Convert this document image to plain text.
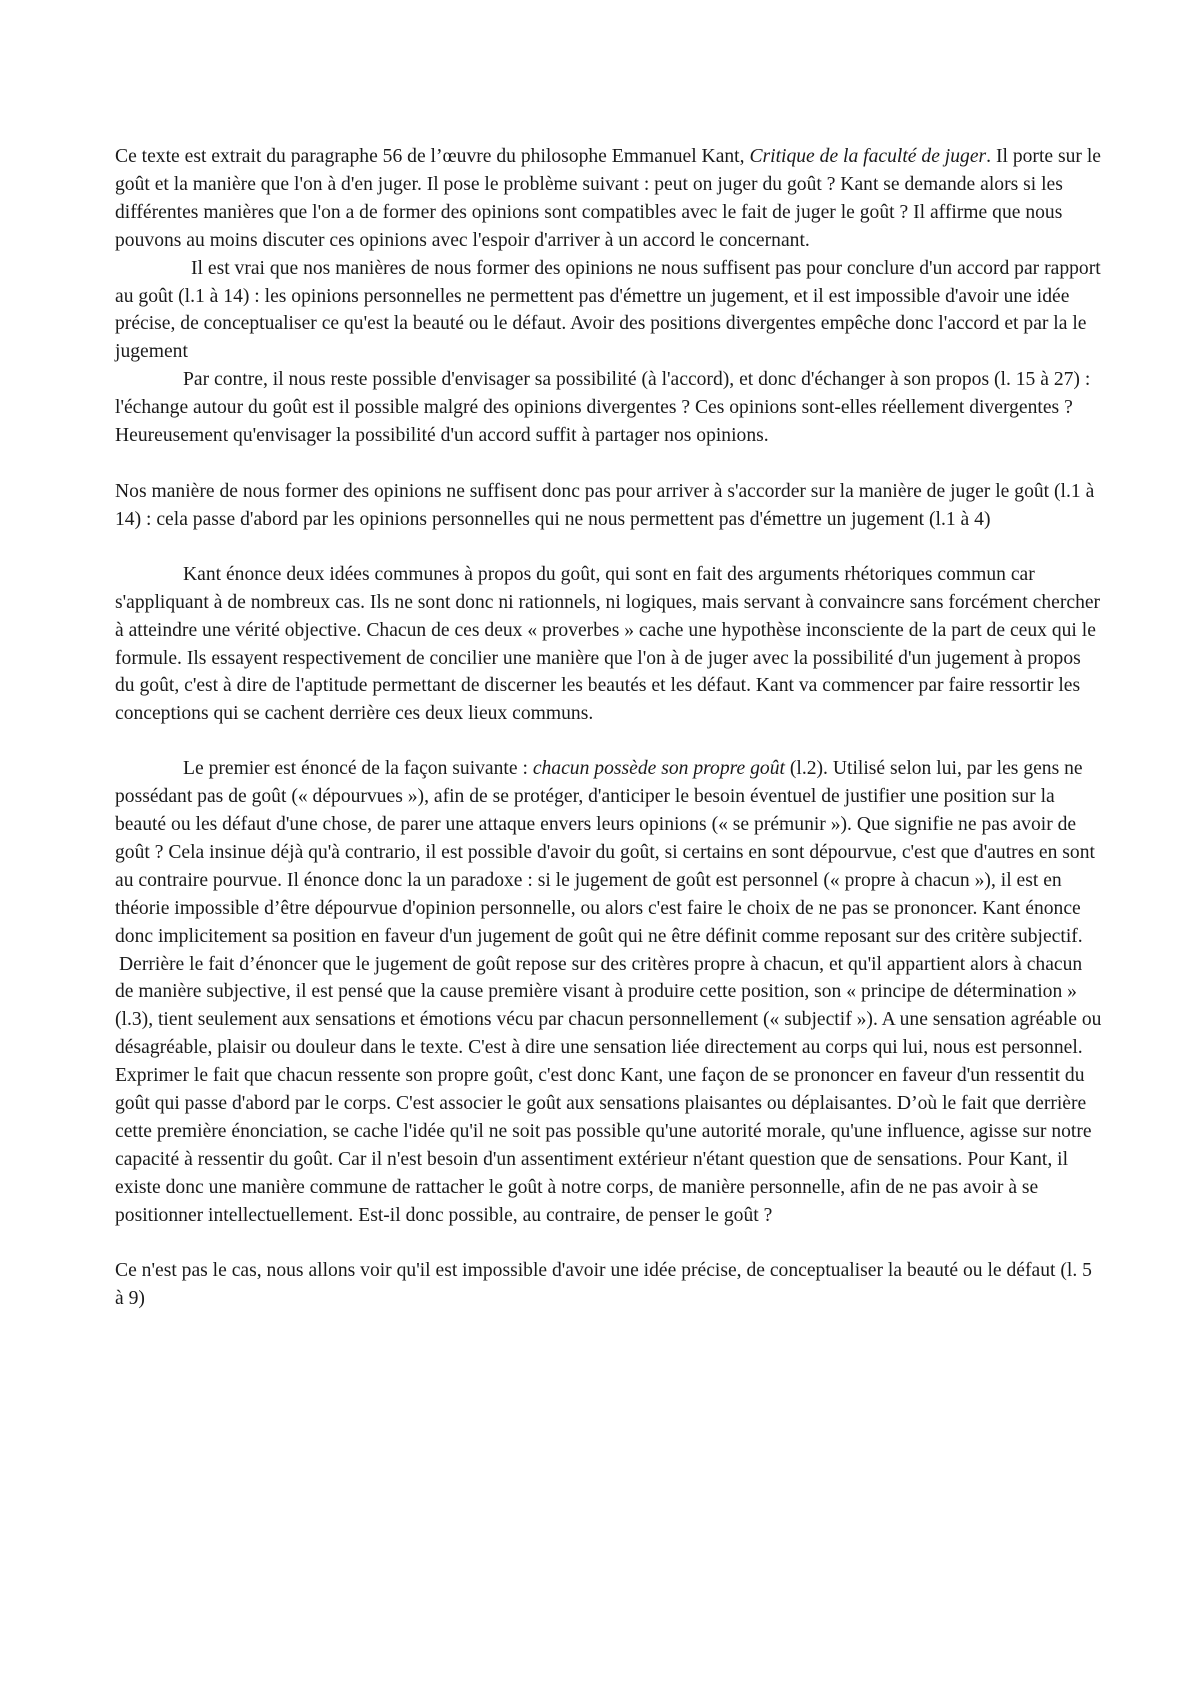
Ce texte est extrait du paragraphe 56 de l’œuvre du philosophe Emmanuel Kant, Critique de la faculté de juger. Il porte sur le goût et la manière que l'on à d'en juger. Il pose le problème suivant : peut on juger du goût ? Kant se demande alors si les différentes manières que l'on a de former des opinions sont compatibles avec le fait de juger le goût ? Il affirme que nous pouvons au moins discuter ces opinions avec l'espoir d'arriver à un accord le concernant.

Il est vrai que nos manières de nous former des opinions ne nous suffisent pas pour conclure d'un accord par rapport au goût (l.1 à 14) : les opinions personnelles ne permettent pas d'émettre un jugement, et il est impossible d'avoir une idée précise, de conceptualiser ce qu'est la beauté ou le défaut. Avoir des positions divergentes empêche donc l'accord et par la le jugement

Par contre, il nous reste possible d'envisager sa possibilité (à l'accord), et donc d'échanger à son propos (l. 15 à 27) : l'échange autour du goût est il possible malgré des opinions divergentes ? Ces opinions sont-elles réellement divergentes ? Heureusement qu'envisager la possibilité d'un accord suffit à partager nos opinions.

Nos manière de nous former des opinions ne suffisent donc pas pour arriver à s'accorder sur la manière de juger le goût (l.1 à 14) : cela passe d'abord par les opinions personnelles qui ne nous permettent pas d'émettre un jugement (l.1 à 4)

Kant énonce deux idées communes à propos du goût, qui sont en fait des arguments rhétoriques commun car s'appliquant à de nombreux cas. Ils ne sont donc ni rationnels, ni logiques, mais servant à convaincre sans forcément chercher à atteindre une vérité objective. Chacun de ces deux « proverbes » cache une hypothèse inconsciente de la part de ceux qui le formule. Ils essayent respectivement de concilier une manière que l'on à de juger avec la possibilité d'un jugement à propos du goût, c'est à dire de l'aptitude permettant de discerner les beautés et les défaut. Kant va commencer par faire ressortir les conceptions qui se cachent derrière ces deux lieux communs.

Le premier est énoncé de la façon suivante : chacun possède son propre goût (l.2). Utilisé selon lui, par les gens ne possédant pas de goût (« dépourvues »), afin de se protéger, d'anticiper le besoin éventuel de justifier une position sur la beauté ou les défaut d'une chose, de parer une attaque envers leurs opinions (« se prémunir »). Que signifie ne pas avoir de goût ? Cela insinue déjà qu'à contrario, il est possible d'avoir du goût, si certains en sont dépourvue, c'est que d'autres en sont au contraire pourvue. Il énonce donc la un paradoxe : si le jugement de goût est personnel (« propre à chacun »), il est en théorie impossible d’être dépourvue d'opinion personnelle, ou alors c'est faire le choix de ne pas se prononcer. Kant énonce donc implicitement sa position en faveur d'un jugement de goût qui ne être définit comme reposant sur des critère subjectif.

Derrière le fait d’énoncer que le jugement de goût repose sur des critères propre à chacun, et qu'il appartient alors à chacun de manière subjective, il est pensé que la cause première visant à produire cette position, son « principe de détermination » (l.3), tient seulement aux sensations et émotions vécu par chacun personnellement (« subjectif »). A une sensation agréable ou désagréable, plaisir ou douleur dans le texte. C'est à dire une sensation liée directement au corps qui lui, nous est personnel. Exprimer le fait que chacun ressente son propre goût, c'est donc Kant, une façon de se prononcer en faveur d'un ressentit du goût qui passe d'abord par le corps. C'est associer le goût aux sensations plaisantes ou déplaisantes. D’où le fait que derrière cette première énonciation, se cache l'idée qu'il ne soit pas possible qu'une autorité morale, qu'une influence, agisse sur notre capacité à ressentir du goût. Car il n'est besoin d'un assentiment extérieur n'étant question que de sensations. Pour Kant, il existe donc une manière commune de rattacher le goût à notre corps, de manière personnelle, afin de ne pas avoir à se positionner intellectuellement. Est-il donc possible, au contraire, de penser le goût ?

Ce n'est pas le cas, nous allons voir qu'il est impossible d'avoir une idée précise, de conceptualiser la beauté ou le défaut (l. 5 à 9)
